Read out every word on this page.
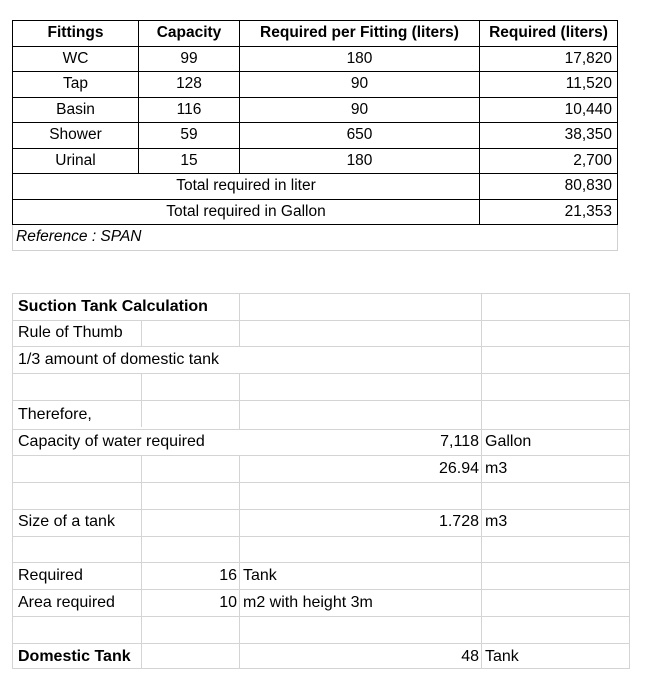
Fittings	Capacity	Required per Fitting (liters)	Required (liters)
WC	99	180	17,820
Tap	128	90	11,520
Basin	116	90	10,440
Shower	59	650	38,350
Urinal	15	180	2,700
Total required in liter			80,830
Total required in Gallon			21,353
Reference : SPAN			
Suction Tank Calculation
Rule of Thumb
1/3 amount of domestic tank
Therefore,
Capacity of water required	7,118 Gallon
26.94 m3
Size of a tank	1.728 m3
Required	16 Tank
Area required	10 m2 with height 3m
Domestic Tank	48 Tank
